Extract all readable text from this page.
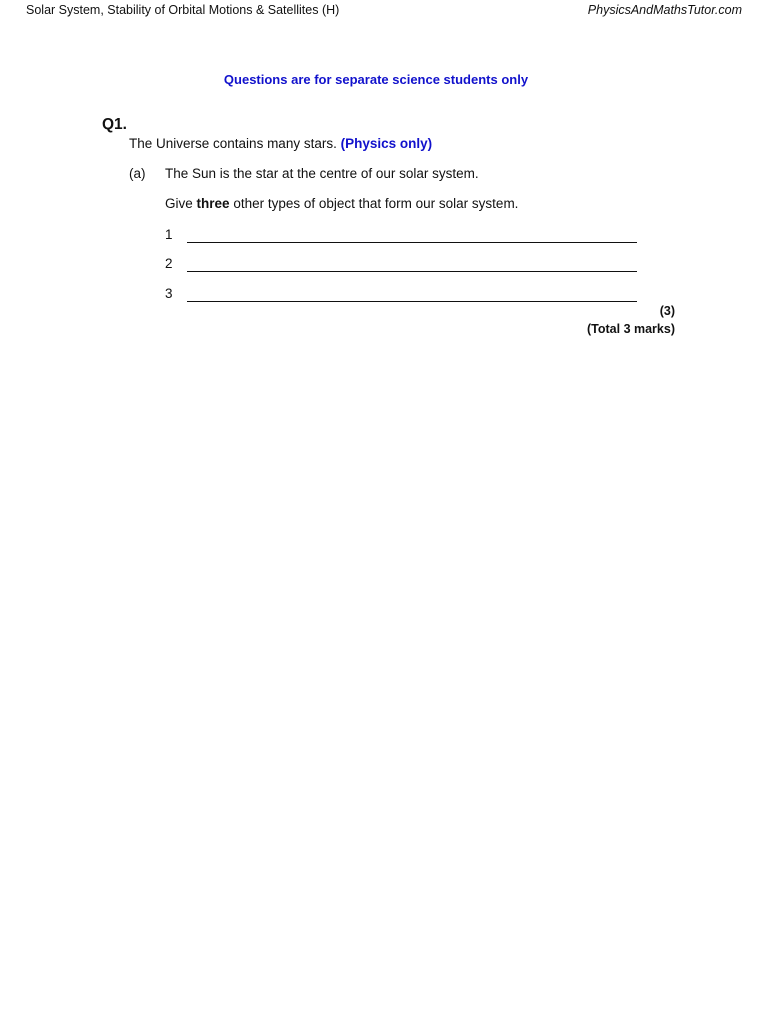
Solar System, Stability of Orbital Motions & Satellites (H)	PhysicsAndMathsTutor.com
Questions are for separate science students only
Q1.
The Universe contains many stars. (Physics only)
(a) The Sun is the star at the centre of our solar system.
Give three other types of object that form our solar system.
1
2
3
(3)
(Total 3 marks)
